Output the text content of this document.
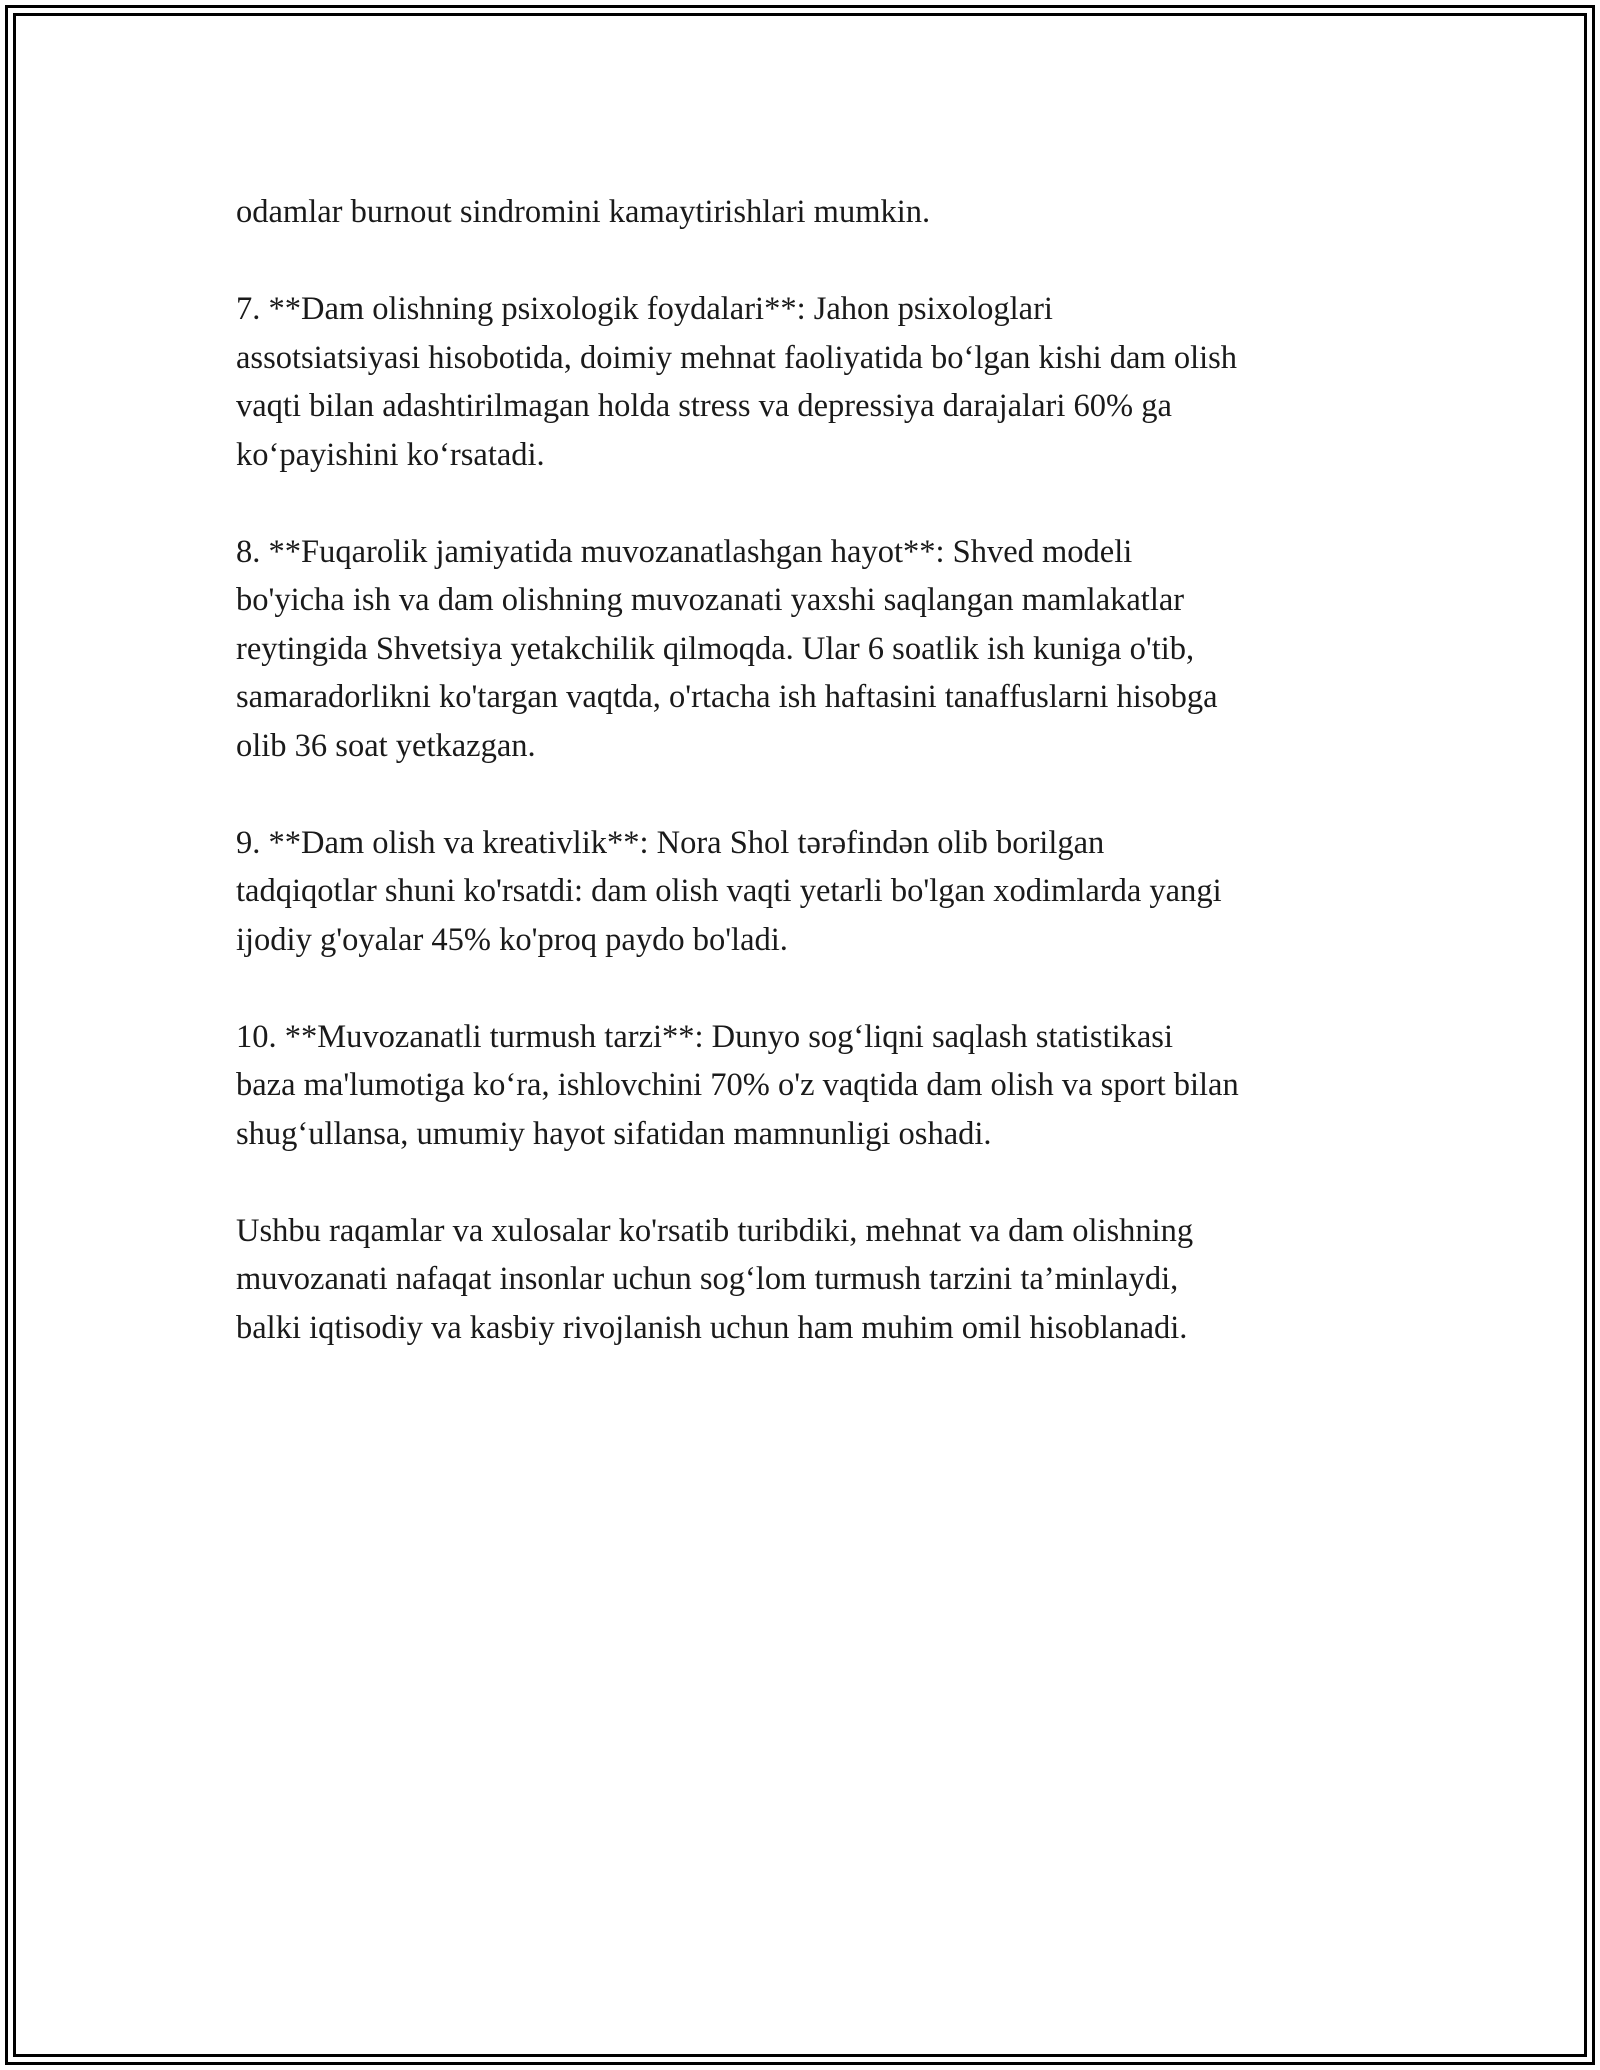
odamlar burnout sindromini kamaytirishlari mumkin.

7. **Dam olishning psixologik foydalari**: Jahon psixologlari
assotsiatsiyasi hisobotida, doimiy mehnat faoliyatida bo‘lgan kishi dam olish
vaqti bilan adashtirilmagan holda stress va depressiya darajalari 60% ga
ko‘payishini ko‘rsatadi.

8. **Fuqarolik jamiyatida muvozanatlashgan hayot**: Shved modeli
bo'yicha ish va dam olishning muvozanati yaxshi saqlangan mamlakatlar
reytingida Shvetsiya yetakchilik qilmoqda. Ular 6 soatlik ish kuniga o'tib,
samaradorlikni ko'targan vaqtda, o'rtacha ish haftasini tanaffuslarni hisobga
olib 36 soat yetkazgan.

9. **Dam olish va kreativlik**: Nora Shol tərəfindən olib borilgan
tadqiqotlar shuni ko'rsatdi: dam olish vaqti yetarli bo'lgan xodimlarda yangi
ijodiy g'oyalar 45% ko'proq paydo bo'ladi.

10. **Muvozanatli turmush tarzi**: Dunyo sog‘liqni saqlash statistikasi
baza ma'lumotiga ko‘ra, ishlovchini 70% o'z vaqtida dam olish va sport bilan
shug‘ullansa, umumiy hayot sifatidan mamnunligi oshadi.

Ushbu raqamlar va xulosalar ko'rsatib turibdiki, mehnat va dam olishning
muvozanati nafaqat insonlar uchun sog‘lom turmush tarzini ta’minlaydi,
balki iqtisodiy va kasbiy rivojlanish uchun ham muhim omil hisoblanadi.
